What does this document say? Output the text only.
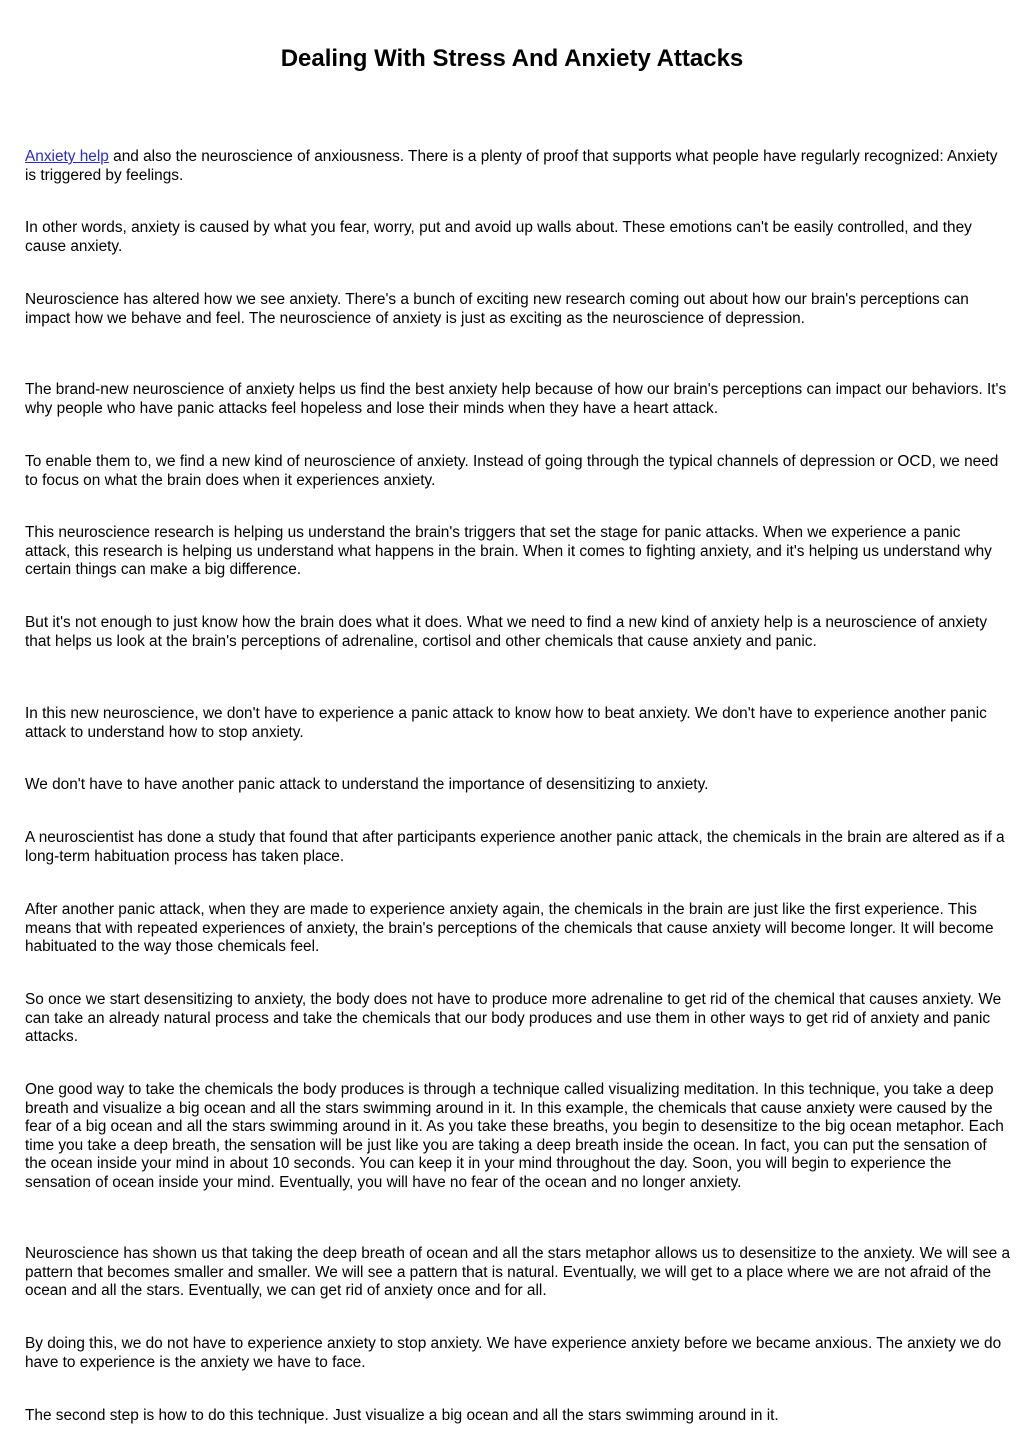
Dealing With Stress And Anxiety Attacks

Anxiety help and also the neuroscience of anxiousness. There is a plenty of proof that supports what people have regularly recognized: Anxiety is triggered by feelings.

In other words, anxiety is caused by what you fear, worry, put and avoid up walls about. These emotions can't be easily controlled, and they cause anxiety.

Neuroscience has altered how we see anxiety. There's a bunch of exciting new research coming out about how our brain's perceptions can impact how we behave and feel. The neuroscience of anxiety is just as exciting as the neuroscience of depression.

The brand-new neuroscience of anxiety helps us find the best anxiety help because of how our brain's perceptions can impact our behaviors. It's why people who have panic attacks feel hopeless and lose their minds when they have a heart attack.

To enable them to, we find a new kind of neuroscience of anxiety. Instead of going through the typical channels of depression or OCD, we need to focus on what the brain does when it experiences anxiety.

This neuroscience research is helping us understand the brain's triggers that set the stage for panic attacks. When we experience a panic attack, this research is helping us understand what happens in the brain. When it comes to fighting anxiety, and it's helping us understand why certain things can make a big difference.

But it's not enough to just know how the brain does what it does. What we need to find a new kind of anxiety help is a neuroscience of anxiety that helps us look at the brain's perceptions of adrenaline, cortisol and other chemicals that cause anxiety and panic.

In this new neuroscience, we don't have to experience a panic attack to know how to beat anxiety. We don't have to experience another panic attack to understand how to stop anxiety.

We don't have to have another panic attack to understand the importance of desensitizing to anxiety.

A neuroscientist has done a study that found that after participants experience another panic attack, the chemicals in the brain are altered as if a long-term habituation process has taken place.

After another panic attack, when they are made to experience anxiety again, the chemicals in the brain are just like the first experience. This means that with repeated experiences of anxiety, the brain's perceptions of the chemicals that cause anxiety will become longer. It will become habituated to the way those chemicals feel.

So once we start desensitizing to anxiety, the body does not have to produce more adrenaline to get rid of the chemical that causes anxiety. We can take an already natural process and take the chemicals that our body produces and use them in other ways to get rid of anxiety and panic attacks.

One good way to take the chemicals the body produces is through a technique called visualizing meditation. In this technique, you take a deep breath and visualize a big ocean and all the stars swimming around in it. In this example, the chemicals that cause anxiety were caused by the fear of a big ocean and all the stars swimming around in it. As you take these breaths, you begin to desensitize to the big ocean metaphor. Each time you take a deep breath, the sensation will be just like you are taking a deep breath inside the ocean. In fact, you can put the sensation of the ocean inside your mind in about 10 seconds. You can keep it in your mind throughout the day. Soon, you will begin to experience the sensation of ocean inside your mind. Eventually, you will have no fear of the ocean and no longer anxiety.

Neuroscience has shown us that taking the deep breath of ocean and all the stars metaphor allows us to desensitize to the anxiety. We will see a pattern that becomes smaller and smaller. We will see a pattern that is natural. Eventually, we will get to a place where we are not afraid of the ocean and all the stars. Eventually, we can get rid of anxiety once and for all.

By doing this, we do not have to experience anxiety to stop anxiety. We have experience anxiety before we became anxious. The anxiety we do have to experience is the anxiety we have to face.

The second step is how to do this technique. Just visualize a big ocean and all the stars swimming around in it.
